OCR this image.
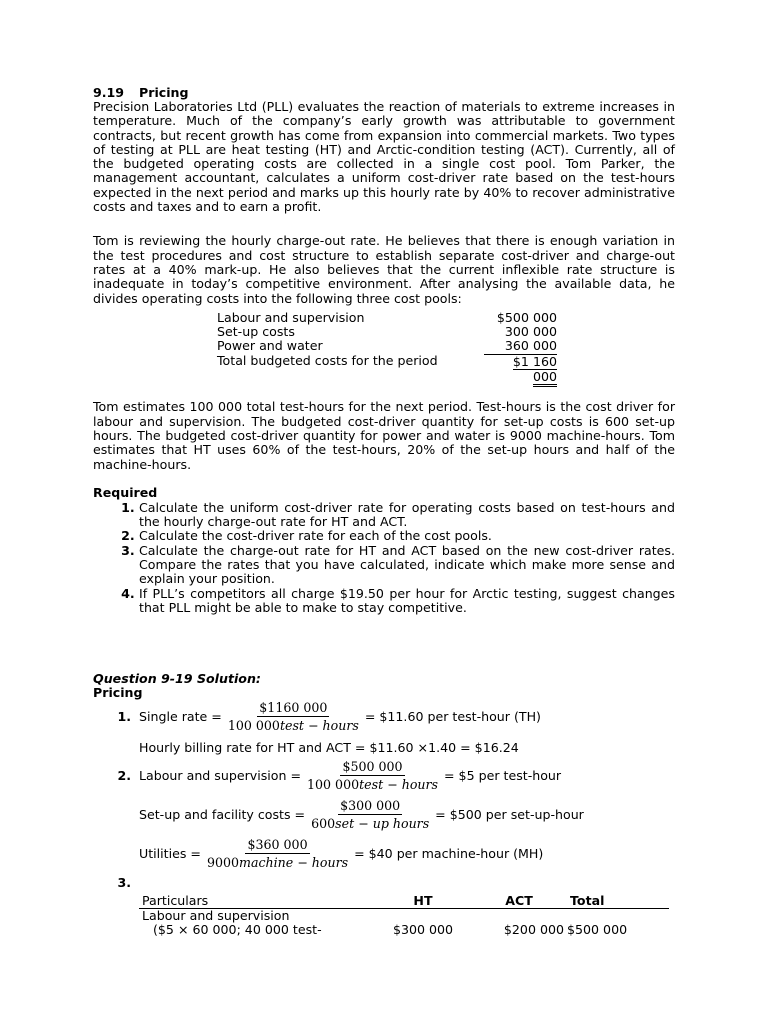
9.19 Pricing

Precision Laboratories Ltd (PLL) evaluates the reaction of materials to extreme increases in temperature. Much of the company’s early growth was attributable to government contracts, but recent growth has come from expansion into commercial markets. Two types of testing at PLL are heat testing (HT) and Arctic-condition testing (ACT). Currently, all of the budgeted operating costs are collected in a single cost pool. Tom Parker, the management accountant, calculates a uniform cost-driver rate based on the test-hours expected in the next period and marks up this hourly rate by 40% to recover administrative costs and taxes and to earn a profit.

Tom is reviewing the hourly charge-out rate. He believes that there is enough variation in the test procedures and cost structure to establish separate cost-driver and charge-out rates at a 40% mark-up. He also believes that the current inflexible rate structure is inadequate in today’s competitive environment. After analysing the available data, he divides operating costs into the following three cost pools:

Labour and supervision	$500 000
Set-up costs	300 000
Power and water	360 000
Total budgeted costs for the period	$1 160
000

Tom estimates 100 000 total test-hours for the next period. Test-hours is the cost driver for labour and supervision. The budgeted cost-driver quantity for set-up costs is 600 set-up hours. The budgeted cost-driver quantity for power and water is 9000 machine-hours. Tom estimates that HT uses 60% of the test-hours, 20% of the set-up hours and half of the machine-hours.

Required
1. Calculate the uniform cost-driver rate for operating costs based on test-hours and the hourly charge-out rate for HT and ACT.
2. Calculate the cost-driver rate for each of the cost pools.
3. Calculate the charge-out rate for HT and ACT based on the new cost-driver rates. Compare the rates that you have calculated, indicate which make more sense and explain your position.
4. If PLL’s competitors all charge $19.50 per hour for Arctic testing, suggest changes that PLL might be able to make to stay competitive.
Question 9-19 Solution:
Pricing
1. Single rate = $\frac{\$1160 000}{\text{100 000test − hours}}$ = $11.60 per test-hour (TH)
Hourly billing rate for HT and ACT = $11.60 ×1.40 = $16.24
2. Labour and supervision = $\frac{\$500 000}{\text{100 000test − hours}}$ = $5 per test-hour
Set-up and facility costs = $\frac{\$300 000}{\text{600set − up hours}}$ = $500 per set-up-hour
Utilities = $\frac{\$360 000}{\text{9000machine − hours}}$ = $40 per machine-hour (MH)
3.
Particulars	HT	ACT	Total
Labour and supervision			
($5 × 60 000; 40 000 test-	$300 000	$200 000	$500 000
